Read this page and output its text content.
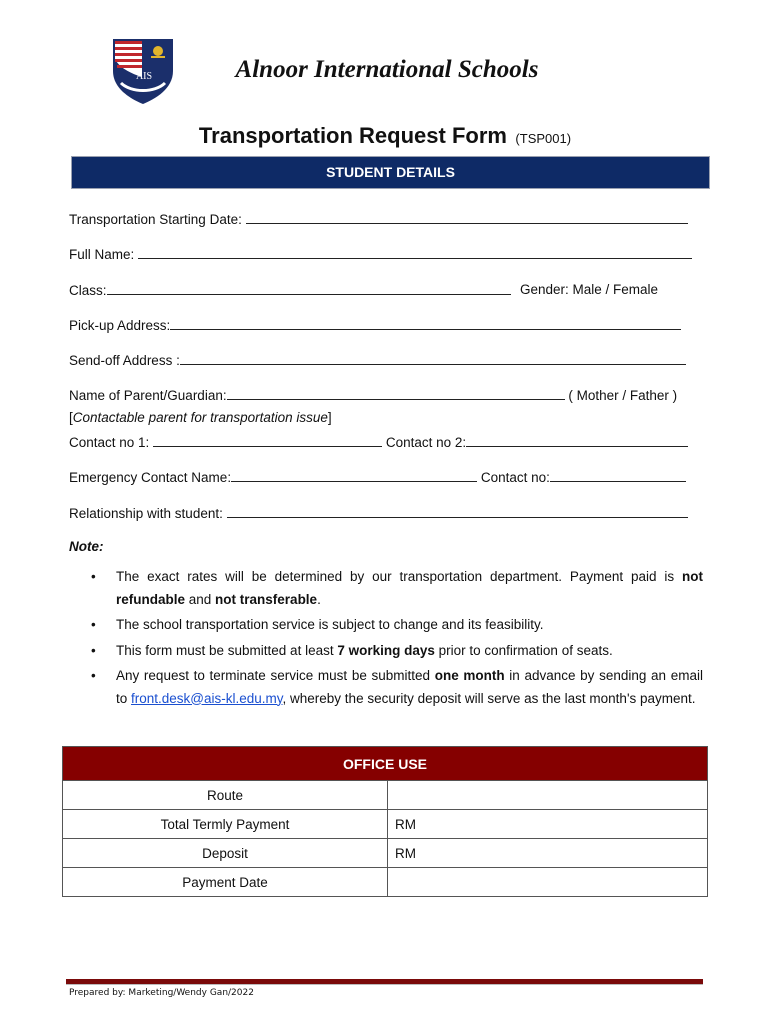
AIS	Alnoor International Schools
Transportation Request Form (TSP001)
STUDENT DETAILS
Transportation Starting Date:
Full Name:
Class:	Gender: Male / Female
Pick-up Address:
Send-off Address :
Name of Parent/Guardian:	( Mother / Father )
[Contactable parent for transportation issue]
Contact no 1:	Contact no 2:
Emergency Contact Name:	Contact no:
Relationship with student:
Note:
• The exact rates will be determined by our transportation department. Payment paid is not refundable and not transferable.
• The school transportation service is subject to change and its feasibility.
• This form must be submitted at least 7 working days prior to confirmation of seats.
• Any request to terminate service must be submitted one month in advance by sending an email to front.desk@ais-kl.edu.my, whereby the security deposit will serve as the last month's payment.
OFFICE USE	
Route	
Total Termly Payment	RM
Deposit	RM
Payment Date	
Prepared by: Marketing/Wendy Gan/2022
